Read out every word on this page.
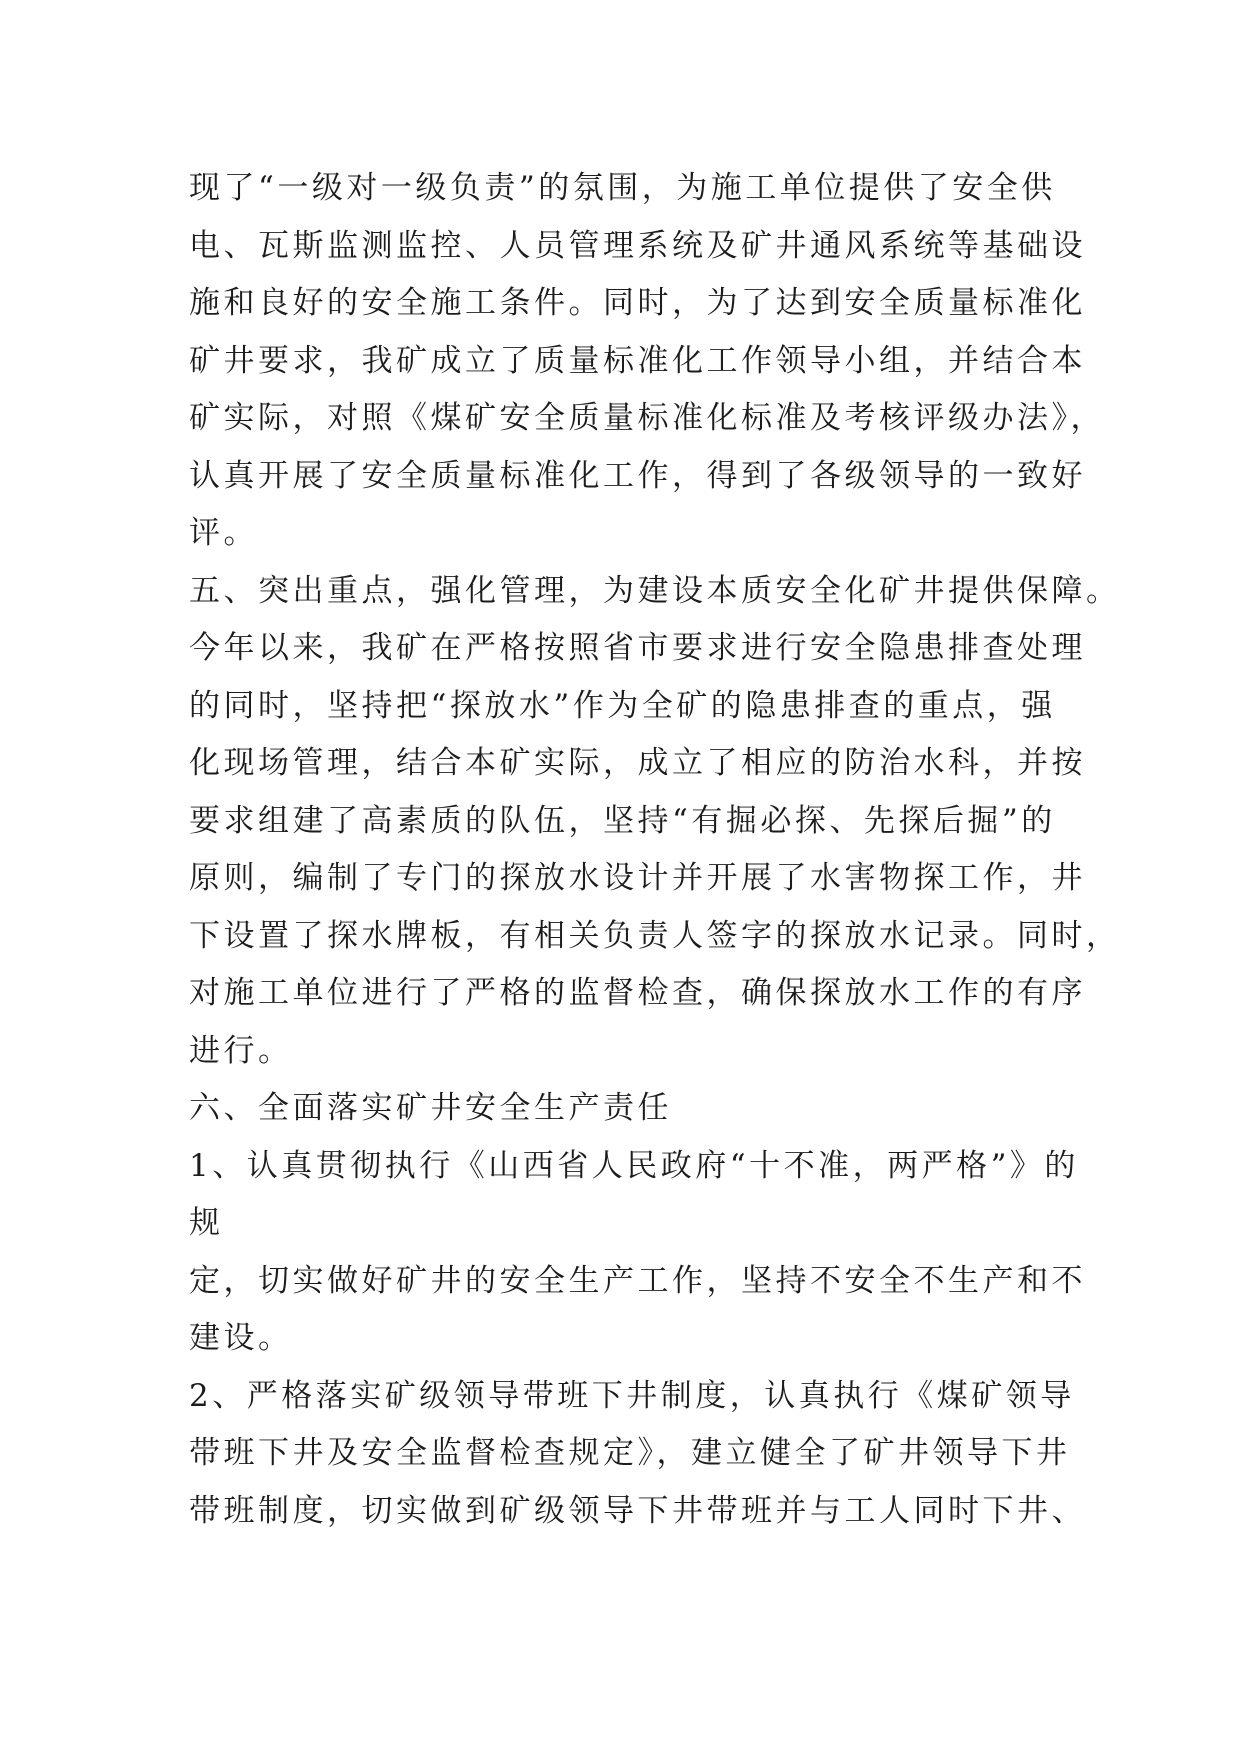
现了“一级对一级负责”的氛围，为施工单位提供了安全供
电、瓦斯监测监控、人员管理系统及矿井通风系统等基础设
施和良好的安全施工条件。同时，为了达到安全质量标准化
矿井要求，我矿成立了质量标准化工作领导小组，并结合本
矿实际，对照《煤矿安全质量标准化标准及考核评级办法》，
认真开展了安全质量标准化工作，得到了各级领导的一致好
评。
五、突出重点，强化管理，为建设本质安全化矿井提供保障。
今年以来，我矿在严格按照省市要求进行安全隐患排查处理
的同时，坚持把“探放水”作为全矿的隐患排查的重点，强
化现场管理，结合本矿实际，成立了相应的防治水科，并按
要求组建了高素质的队伍，坚持“有掘必探、先探后掘”的
原则，编制了专门的探放水设计并开展了水害物探工作，井
下设置了探水牌板，有相关负责人签字的探放水记录。同时，
对施工单位进行了严格的监督检查，确保探放水工作的有序
进行。
六、全面落实矿井安全生产责任
1、认真贯彻执行《山西省人民政府“十不准，两严格”》的
规
定，切实做好矿井的安全生产工作，坚持不安全不生产和不
建设。
2、严格落实矿级领导带班下井制度，认真执行《煤矿领导
带班下井及安全监督检查规定》，建立健全了矿井领导下井
带班制度，切实做到矿级领导下井带班并与工人同时下井、
